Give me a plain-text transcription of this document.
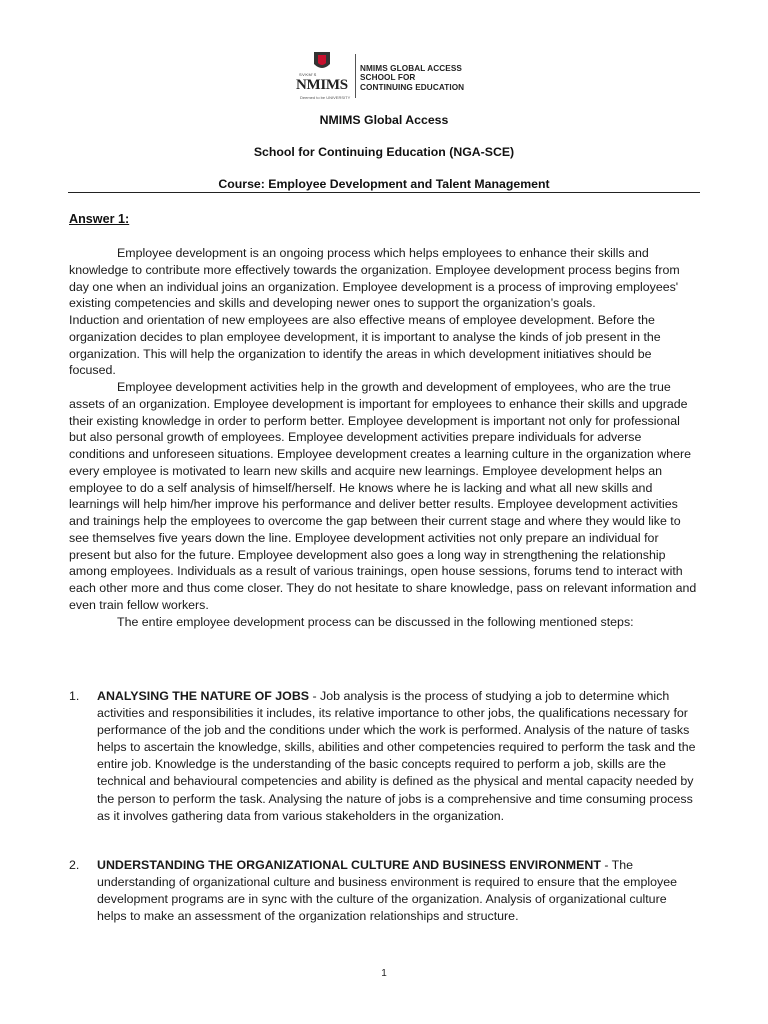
SVKM'S
NMIMS
Deemed to be UNIVERSITY
NMIMS GLOBAL ACCESS
SCHOOL FOR
CONTINUING EDUCATION
NMIMS Global Access
School for Continuing Education (NGA-SCE)
Course: Employee Development and Talent Management
Answer 1:

Employee development is an ongoing process which helps employees to enhance their skills and knowledge to contribute more effectively towards the organization. Employee development process begins from day one when an individual joins an organization. Employee development is a process of improving employees' existing competencies and skills and developing newer ones to support the organization’s goals.

Induction and orientation of new employees are also effective means of employee development. Before the organization decides to plan employee development, it is important to analyse the kinds of job present in the organization. This will help the organization to identify the areas in which development initiatives should be focused.

Employee development activities help in the growth and development of employees, who are the true assets of an organization. Employee development is important for employees to enhance their skills and upgrade their existing knowledge in order to perform better. Employee development is important not only for professional but also personal growth of employees. Employee development activities prepare individuals for adverse conditions and unforeseen situations. Employee development creates a learning culture in the organization where every employee is motivated to learn new skills and acquire new learnings. Employee development helps an employee to do a self analysis of himself/herself. He knows where he is lacking and what all new skills and learnings will help him/her improve his performance and deliver better results. Employee development activities and trainings help the employees to overcome the gap between their current stage and where they would like to see themselves five years down the line. Employee development activities not only prepare an individual for present but also for the future. Employee development also goes a long way in strengthening the relationship among employees. Individuals as a result of various trainings, open house sessions, forums tend to interact with each other more and thus come closer. They do not hesitate to share knowledge, pass on relevant information and even train fellow workers.

The entire employee development process can be discussed in the following mentioned steps:

1. ANALYSING THE NATURE OF JOBS - Job analysis is the process of studying a job to determine which activities and responsibilities it includes, its relative importance to other jobs, the qualifications necessary for performance of the job and the conditions under which the work is performed. Analysis of the nature of tasks helps to ascertain the knowledge, skills, abilities and other competencies required to perform the task and the entire job. Knowledge is the understanding of the basic concepts required to perform a job, skills are the technical and behavioural competencies and ability is defined as the physical and mental capacity needed by the person to perform the task. Analysing the nature of jobs is a comprehensive and time consuming process as it involves gathering data from various stakeholders in the organization.
2. UNDERSTANDING THE ORGANIZATIONAL CULTURE AND BUSINESS ENVIRONMENT - The understanding of organizational culture and business environment is required to ensure that the employee development programs are in sync with the culture of the organization. Analysis of organizational culture helps to make an assessment of the organization relationships and structure.
1
